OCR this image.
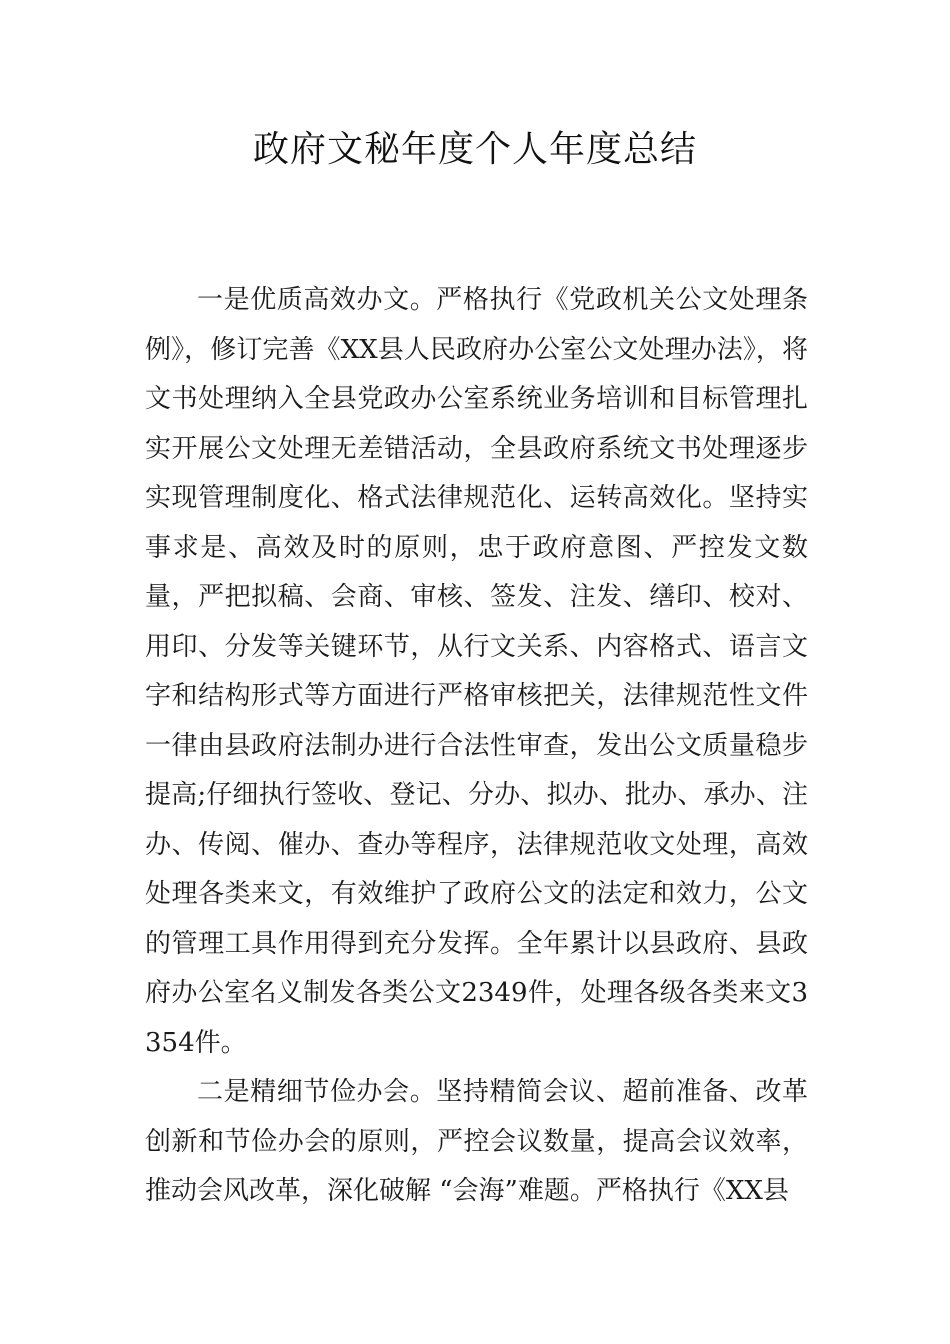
政府文秘年度个人年度总结

一是优质高效办文。严格执行《党政机关公文处理条例》，修订完善《XX县人民政府办公室公文处理办法》，将文书处理纳入全县党政办公室系统业务培训和目标管理扎实开展公文处理无差错活动，全县政府系统文书处理逐步实现管理制度化、格式法律规范化、运转高效化。坚持实事求是、高效及时的原则，忠于政府意图、严控发文数量，严把拟稿、会商、审核、签发、注发、缮印、校对、用印、分发等关键环节，从行文关系、内容格式、语言文字和结构形式等方面进行严格审核把关，法律规范性文件一律由县政府法制办进行合法性审查，发出公文质量稳步提高;仔细执行签收、登记、分办、拟办、批办、承办、注办、传阅、催办、查办等程序，法律规范收文处理，高效处理各类来文，有效维护了政府公文的法定和效力，公文的管理工具作用得到充分发挥。全年累计以县政府、县政府办公室名义制发各类公文2349件，处理各级各类来文3354件。

二是精细节俭办会。坚持精简会议、超前准备、改革创新和节俭办会的原则，严控会议数量，提高会议效率，推动会风改革，深化破解 “会海”难题。严格执行《XX县
